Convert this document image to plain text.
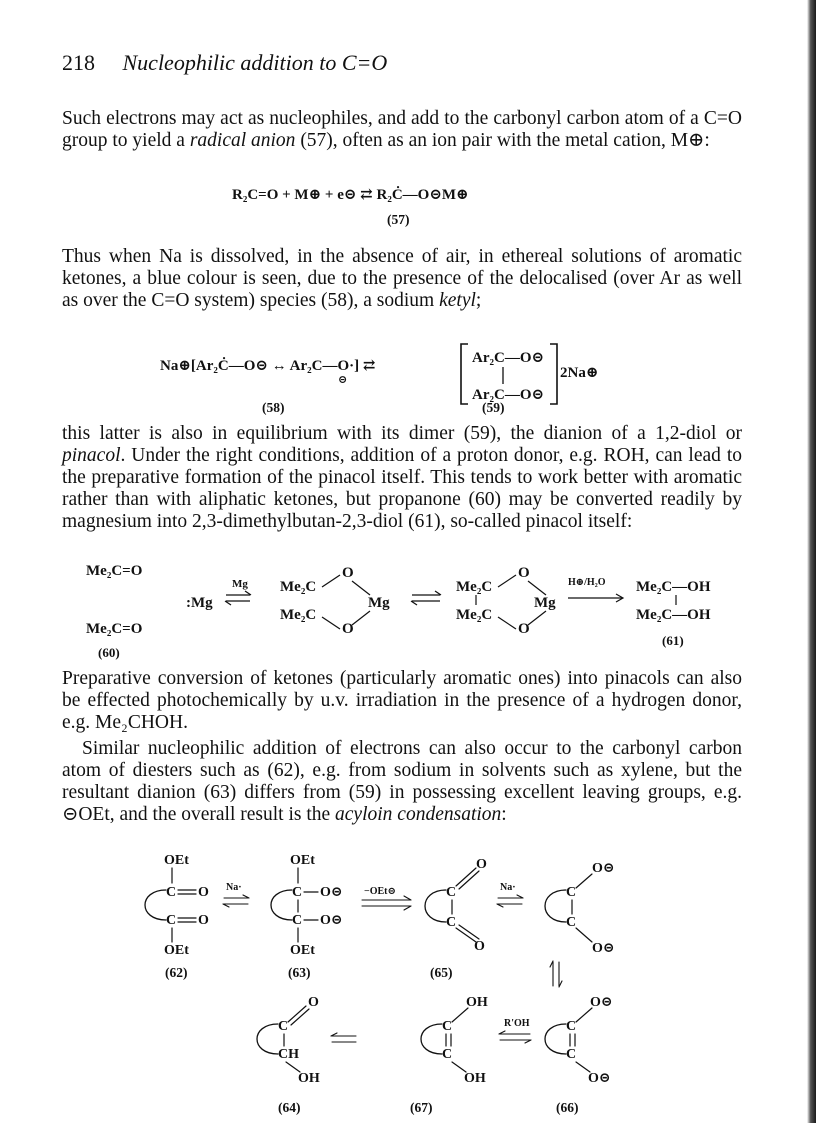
218 Nucleophilic addition to C=O

Such electrons may act as nucleophiles, and add to the carbonyl carbon atom of a C=O group to yield a radical anion (57), often as an ion pair with the metal cation, M⊕:

R₂C=O + M⊕ + e⊝ ⇄ R₂Ċ—O⊝M⊕
(57)

Thus when Na is dissolved, in the absence of air, in ethereal solutions of aromatic ketones, a blue colour is seen, due to the presence of the delocalised (over Ar as well as over the C=O system) species (58), a sodium ketyl;

Na⊕[Ar₂Ċ—O⊝ ↔ Ar₂C—O·] ⇄
⊝
Ar₂C—O⊝
Ar₂C—O⊝
2Na⊕
(58)	(59)

this latter is also in equilibrium with its dimer (59), the dianion of a 1,2-diol or pinacol. Under the right conditions, addition of a proton donor, e.g. ROH, can lead to the preparative formation of the pinacol itself. This tends to work better with aromatic rather than with aliphatic ketones, but propanone (60) may be converted readily by magnesium into 2,3-dimethylbutan-2,3-diol (61), so-called pinacol itself:

Me₂C=O
Me₂C=O
(60)
:Mg
Mg Me₂C
Me₂C
O
O
Mg
Me₂C
Me₂C
O
O
Mg
H⊕/H₂O Me₂C—OH
Me₂C—OH
(61)

Preparative conversion of ketones (particularly aromatic ones) into pinacols can also be effected photochemically by u.v. irradiation in the presence of a hydrogen donor, e.g. Me₂CHOH.

Similar nucleophilic addition of electrons can also occur to the carbonyl carbon atom of diesters such as (62), e.g. from sodium in solvents such as xylene, but the resultant dianion (63) differs from (59) in possessing excellent leaving groups, e.g. ⊝OEt, and the overall result is the acyloin condensation:

OEt
C O
C O
OEt
Na·
OEt
C O⊝
C O⊝
OEt
−OEt⊝	C
O
C
O
Na·	C
O⊝
C
O⊝
(62)	(63)	(65)
C
O
CH
OH
C
OH
C
OH
R'OH	C
O⊝
C
O⊝
(64)	(67)	(66)
